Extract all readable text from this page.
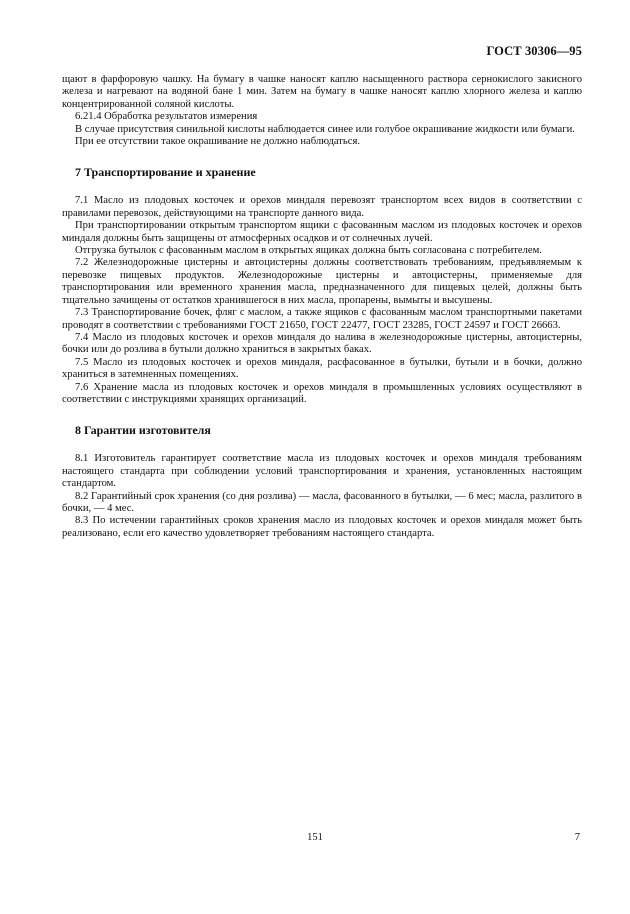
ГОСТ 30306—95

щают в фарфоровую чашку. На бумагу в чашке наносят каплю насыщенного раствора сернокислого закисного железа и нагревают на водяной бане 1 мин. Затем на бумагу в чашке наносят каплю хлорного железа и каплю концентрированной соляной кислоты.

6.21.4 Обработка результатов измерения

В случае присутствия синильной кислоты наблюдается синее или голубое окрашивание жидкости или бумаги.

При ее отсутствии такое окрашивание не должно наблюдаться.

7 Транспортирование и хранение

7.1 Масло из плодовых косточек и орехов миндаля перевозят транспортом всех видов в соответствии с правилами перевозок, действующими на транспорте данного вида.

При транспортировании открытым транспортом ящики с фасованным маслом из плодовых косточек и орехов миндаля должны быть защищены от атмосферных осадков и от солнечных лучей.

Отгрузка бутылок с фасованным маслом в открытых ящиках должна быть согласована с потребителем.

7.2 Железнодорожные цистерны и автоцистерны должны соответствовать требованиям, предъявляемым к перевозке пищевых продуктов. Железнодорожные цистерны и автоцистерны, применяемые для транспортирования или временного хранения масла, предназначенного для пищевых целей, должны быть тщательно зачищены от остатков хранившегося в них масла, пропарены, вымыты и высушены.

7.3 Транспортирование бочек, фляг с маслом, а также ящиков с фасованным маслом транспортными пакетами проводят в соответствии с требованиями ГОСТ 21650, ГОСТ 22477, ГОСТ 23285, ГОСТ 24597 и ГОСТ 26663.

7.4 Масло из плодовых косточек и орехов миндаля до налива в железнодорожные цистерны, автоцистерны, бочки или до розлива в бутыли должно храниться в закрытых баках.

7.5 Масло из плодовых косточек и орехов миндаля, расфасованное в бутылки, бутыли и в бочки, должно храниться в затемненных помещениях.

7.6 Хранение масла из плодовых косточек и орехов миндаля в промышленных условиях осуществляют в соответствии с инструкциями хранящих организаций.

8 Гарантии изготовителя

8.1 Изготовитель гарантирует соответствие масла из плодовых косточек и орехов миндаля требованиям настоящего стандарта при соблюдении условий транспортирования и хранения, установленных настоящим стандартом.

8.2 Гарантийный срок хранения (со дня розлива) — масла, фасованного в бутылки, — 6 мес; масла, разлитого в бочки, — 4 мес.

8.3 По истечении гарантийных сроков хранения масло из плодовых косточек и орехов миндаля может быть реализовано, если его качество удовлетворяет требованиям настоящего стандарта.

151	7
